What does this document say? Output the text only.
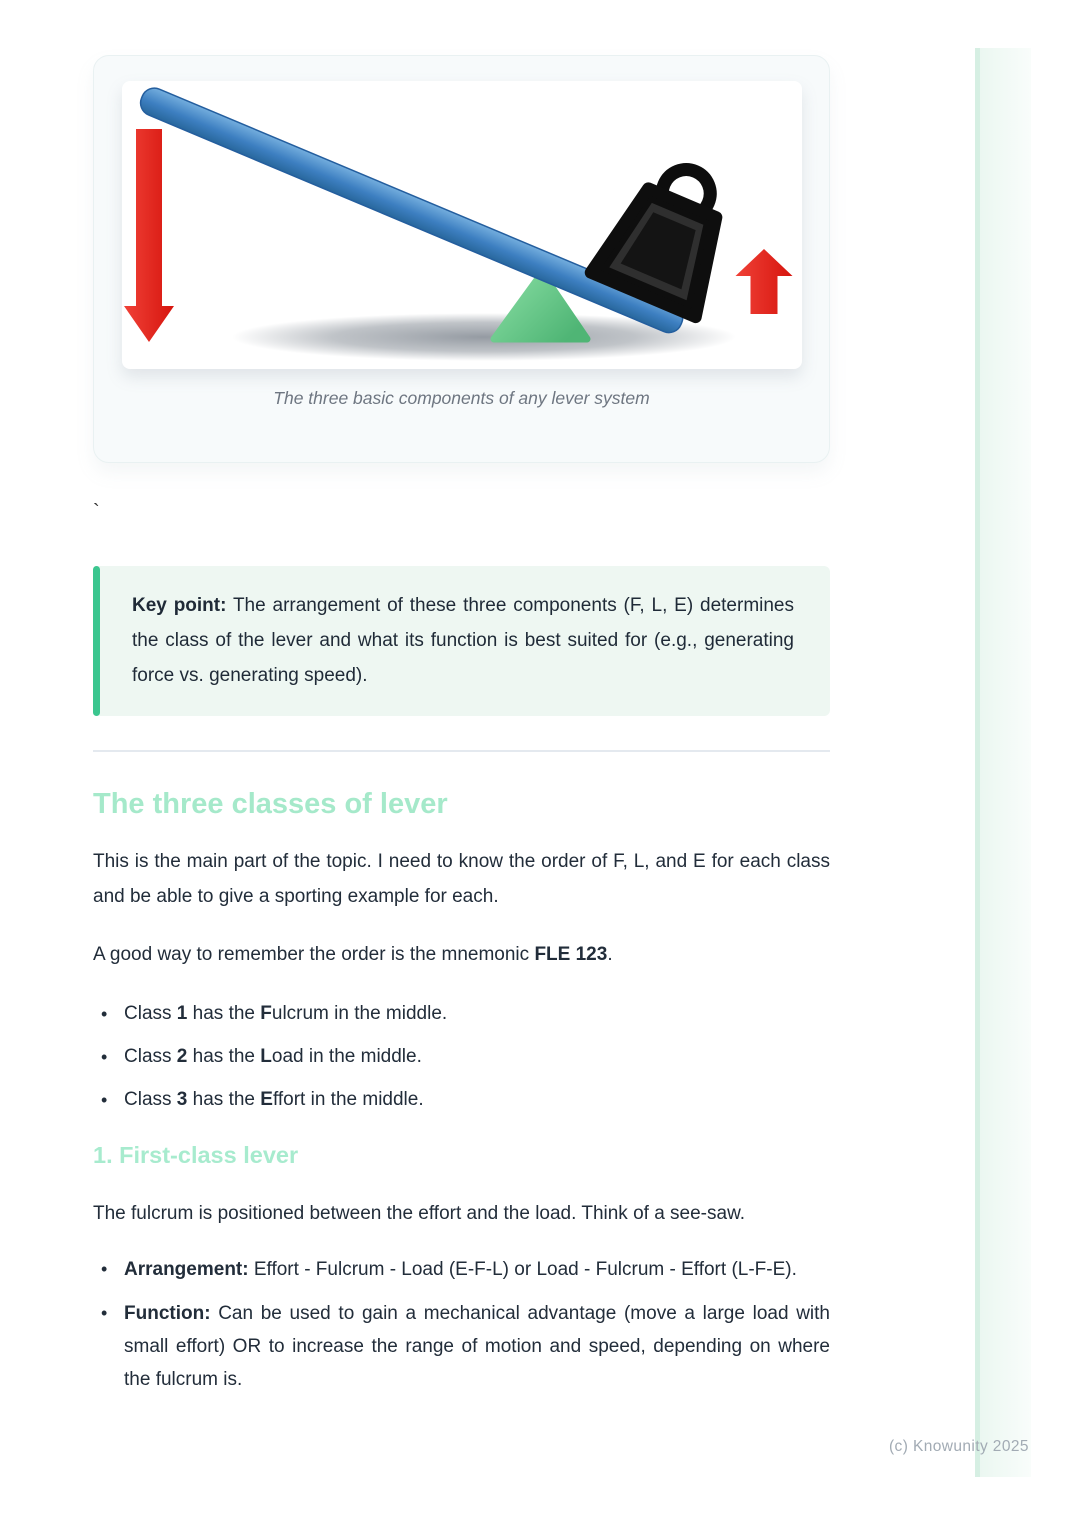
(c) Knowunity 2025
The three basic components of any lever system
`
Key point: The arrangement of these three components (F, L, E) determines the class of the lever and what its function is best suited for (e.g., generating force vs. generating speed).
The three classes of lever

This is the main part of the topic. I need to know the order of F, L, and E for each class and be able to give a sporting example for each.

A good way to remember the order is the mnemonic FLE 123.

• Class 1 has the Fulcrum in the middle.
• Class 2 has the Load in the middle.
• Class 3 has the Effort in the middle.
1. First-class lever

The fulcrum is positioned between the effort and the load. Think of a see-saw.

• Arrangement: Effort - Fulcrum - Load (E-F-L) or Load - Fulcrum - Effort (L-F-E).
• Function: Can be used to gain a mechanical advantage (move a large load with small effort) OR to increase the range of motion and speed, depending on where the fulcrum is.
